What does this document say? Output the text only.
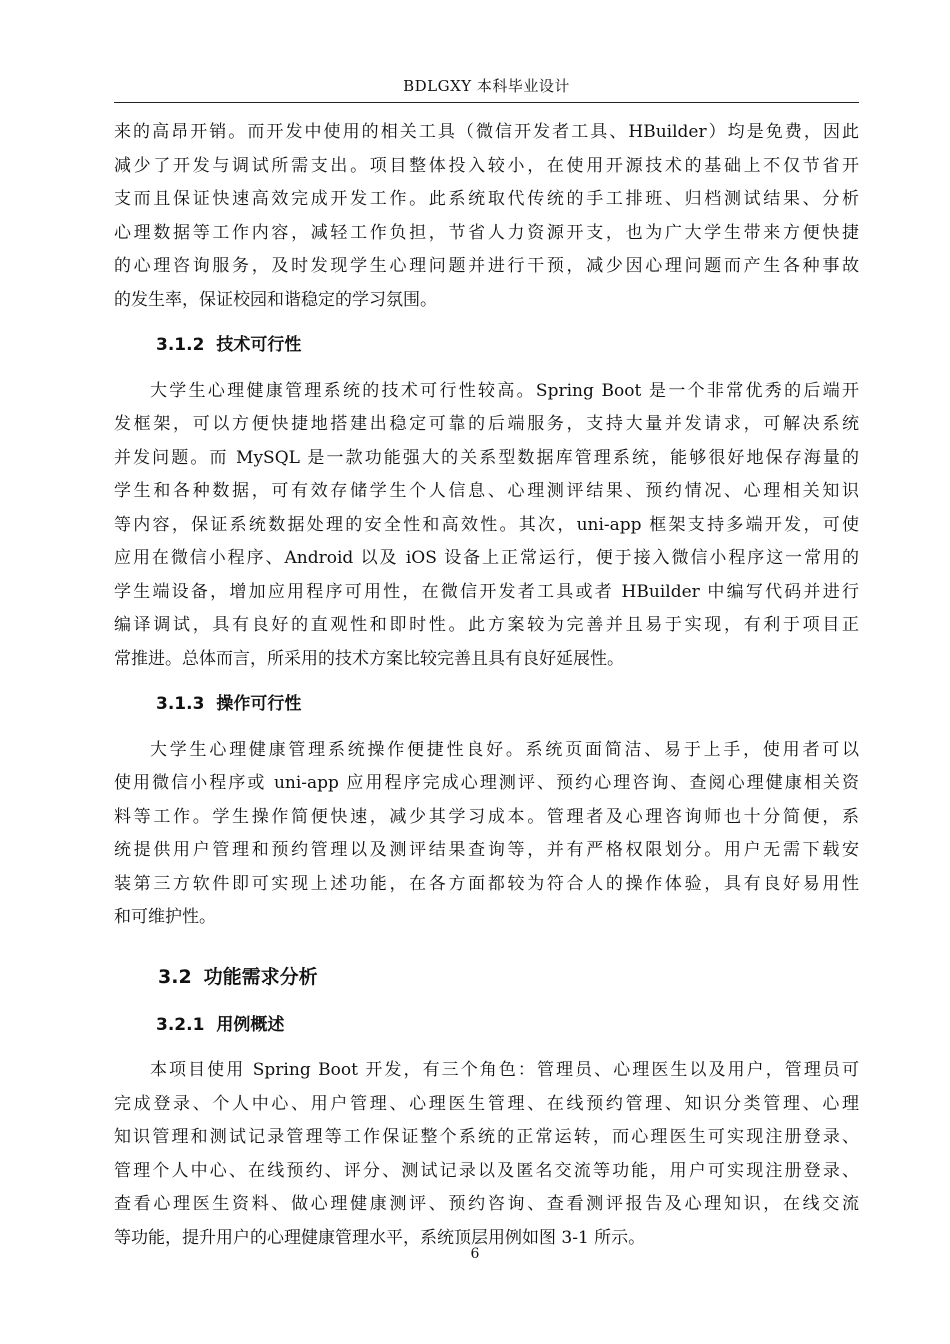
BDLGXY 本科毕业设计

来的高昂开销。而开发中使用的相关工具（微信开发者工具、HBuilder）均是免费，因此
减少了开发与调试所需支出。项目整体投入较小，在使用开源技术的基础上不仅节省开
支而且保证快速高效完成开发工作。此系统取代传统的手工排班、归档测试结果、分析
心理数据等工作内容，减轻工作负担，节省人力资源开支，也为广大学生带来方便快捷
的心理咨询服务，及时发现学生心理问题并进行干预，减少因心理问题而产生各种事故
的发生率，保证校园和谐稳定的学习氛围。

3.1.2 技术可行性

大学生心理健康管理系统的技术可行性较高。Spring Boot 是一个非常优秀的后端开
发框架，可以方便快捷地搭建出稳定可靠的后端服务，支持大量并发请求，可解决系统
并发问题。而 MySQL 是一款功能强大的关系型数据库管理系统，能够很好地保存海量的
学生和各种数据，可有效存储学生个人信息、心理测评结果、预约情况、心理相关知识
等内容，保证系统数据处理的安全性和高效性。其次，uni-app 框架支持多端开发，可使
应用在微信小程序、Android 以及 iOS 设备上正常运行，便于接入微信小程序这一常用的
学生端设备，增加应用程序可用性，在微信开发者工具或者 HBuilder 中编写代码并进行
编译调试，具有良好的直观性和即时性。此方案较为完善并且易于实现，有利于项目正
常推进。总体而言，所采用的技术方案比较完善且具有良好延展性。

3.1.3 操作可行性

大学生心理健康管理系统操作便捷性良好。系统页面简洁、易于上手，使用者可以
使用微信小程序或 uni-app 应用程序完成心理测评、预约心理咨询、查阅心理健康相关资
料等工作。学生操作简便快速，减少其学习成本。管理者及心理咨询师也十分简便，系
统提供用户管理和预约管理以及测评结果查询等，并有严格权限划分。用户无需下载安
装第三方软件即可实现上述功能，在各方面都较为符合人的操作体验，具有良好易用性
和可维护性。

3.2 功能需求分析
3.2.1 用例概述

本项目使用 Spring Boot 开发，有三个角色：管理员、心理医生以及用户，管理员可
完成登录、个人中心、用户管理、心理医生管理、在线预约管理、知识分类管理、心理
知识管理和测试记录管理等工作保证整个系统的正常运转，而心理医生可实现注册登录、
管理个人中心、在线预约、评分、测试记录以及匿名交流等功能，用户可实现注册登录、
查看心理医生资料、做心理健康测评、预约咨询、查看测评报告及心理知识，在线交流
等功能，提升用户的心理健康管理水平，系统顶层用例如图 3-1 所示。

6
